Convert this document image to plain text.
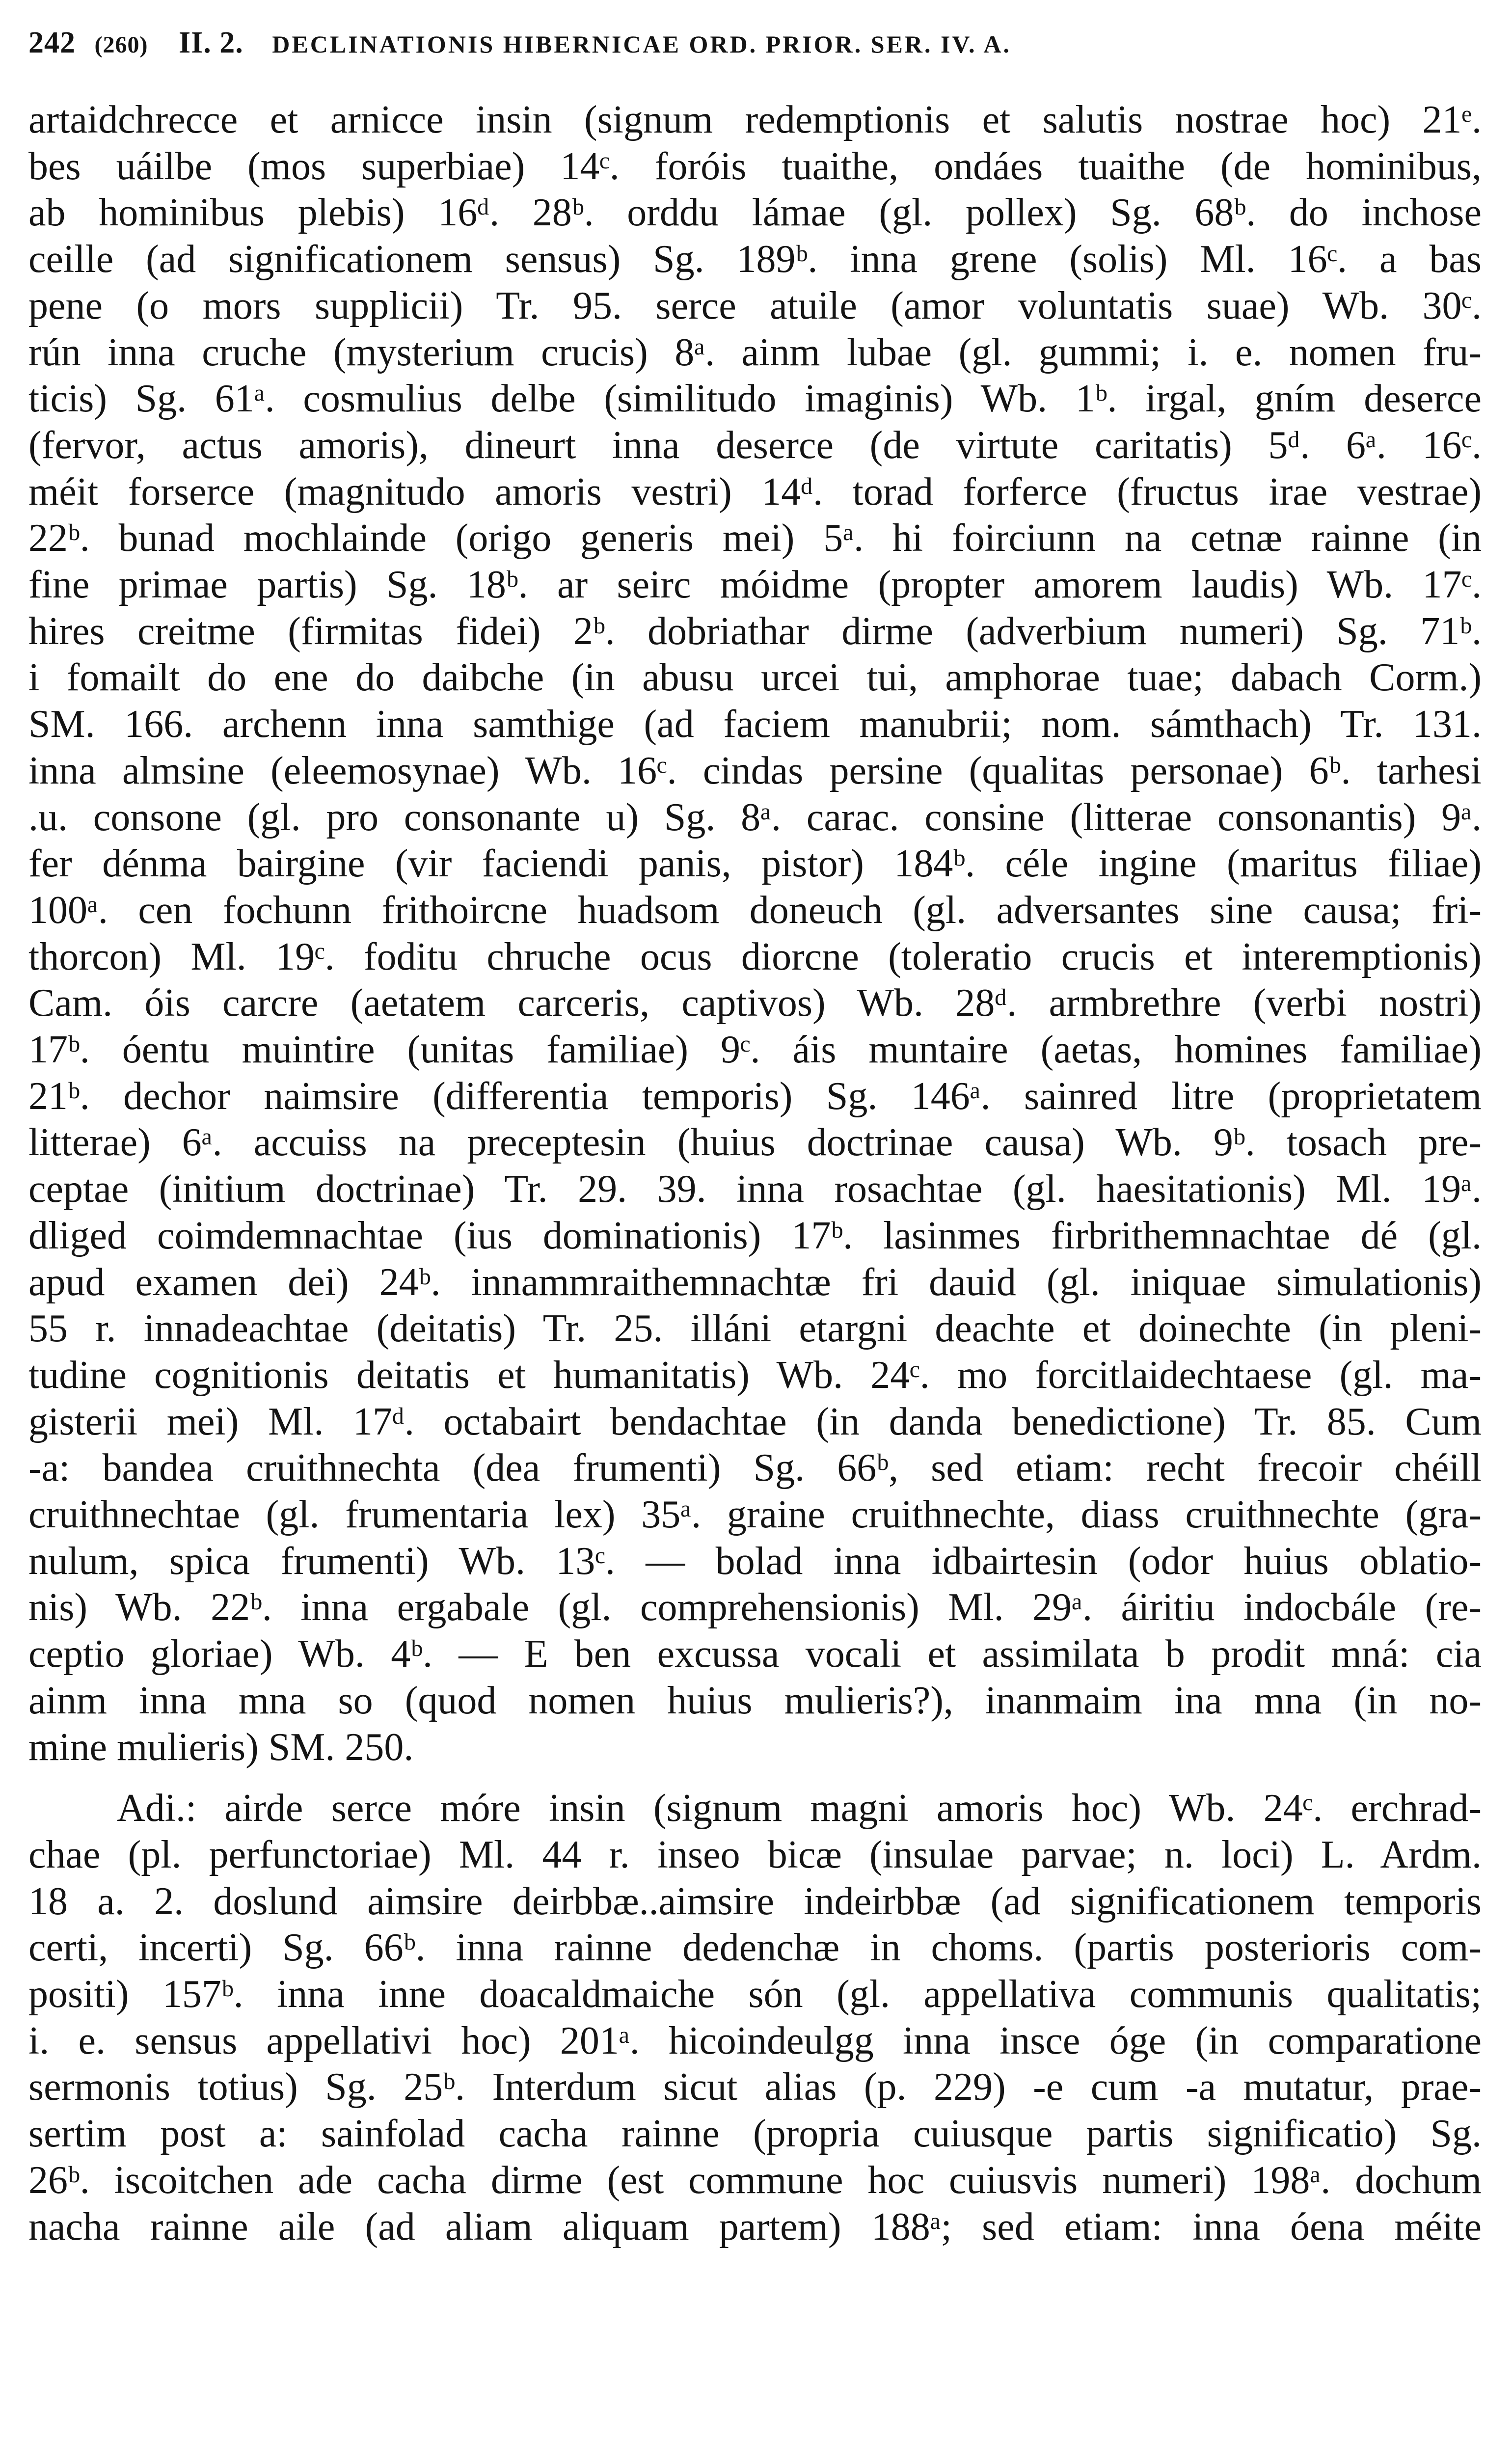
242 (260) II. 2. DECLINATIONIS HIBERNICAE ORD. PRIOR. SER. IV. A.
artaidchrecce et arnicce insin (signum redemptionis et salutis nostrae hoc) 21ᵉ.
bes uáilbe (mos superbiae) 14ᶜ. foróis tuaithe, ondáes tuaithe (de hominibus,
ab hominibus plebis) 16ᵈ. 28ᵇ. orddu lámae (gl. pollex) Sg. 68ᵇ. do inchose
ceille (ad significationem sensus) Sg. 189ᵇ. inna grene (solis) Ml. 16ᶜ. a bas
pene (o mors supplicii) Tr. 95. serce atuile (amor voluntatis suae) Wb. 30ᶜ.
rún inna cruche (mysterium crucis) 8ᵃ. ainm lubae (gl. gummi; i. e. nomen fru-
ticis) Sg. 61ᵃ. cosmulius delbe (similitudo imaginis) Wb. 1ᵇ. irgal, gním deserce
(fervor, actus amoris), dineurt inna deserce (de virtute caritatis) 5ᵈ. 6ᵃ. 16ᶜ.
méit forserce (magnitudo amoris vestri) 14ᵈ. torad forferce (fructus irae vestrae)
22ᵇ. bunad mochlainde (origo generis mei) 5ᵃ. hi foirciunn na cetnæ rainne (in
fine primae partis) Sg. 18ᵇ. ar seirc móidme (propter amorem laudis) Wb. 17ᶜ.
hires creitme (firmitas fidei) 2ᵇ. dobriathar dirme (adverbium numeri) Sg. 71ᵇ.
i fomailt do ene do daibche (in abusu urcei tui, amphorae tuae; dabach Corm.)
SM. 166. archenn inna samthige (ad faciem manubrii; nom. sámthach) Tr. 131.
inna almsine (eleemosynae) Wb. 16ᶜ. cindas persine (qualitas personae) 6ᵇ. tarhesi
.u. consone (gl. pro consonante u) Sg. 8ᵃ. carac. consine (litterae consonantis) 9ᵃ.
fer dénma bairgine (vir faciendi panis, pistor) 184ᵇ. céle ingine (maritus filiae)
100ᵃ. cen fochunn frithoircne huadsom doneuch (gl. adversantes sine causa; fri-
thorcon) Ml. 19ᶜ. foditu chruche ocus diorcne (toleratio crucis et interemptionis)
Cam. óis carcre (aetatem carceris, captivos) Wb. 28ᵈ. armbrethre (verbi nostri)
17ᵇ. óentu muintire (unitas familiae) 9ᶜ. áis muntaire (aetas, homines familiae)
21ᵇ. dechor naimsire (differentia temporis) Sg. 146ᵃ. sainred litre (proprietatem
litterae) 6ᵃ. accuiss na preceptesin (huius doctrinae causa) Wb. 9ᵇ. tosach pre-
ceptae (initium doctrinae) Tr. 29. 39. inna rosachtae (gl. haesitationis) Ml. 19ᵃ.
dliged coimdemnachtae (ius dominationis) 17ᵇ. lasinmes firbrithemnachtae dé (gl.
apud examen dei) 24ᵇ. innammraithemnachtæ fri dauid (gl. iniquae simulationis)
55 r. innadeachtae (deitatis) Tr. 25. illáni etargni deachte et doinechte (in pleni-
tudine cognitionis deitatis et humanitatis) Wb. 24ᶜ. mo forcitlaidechtaese (gl. ma-
gisterii mei) Ml. 17ᵈ. octabairt bendachtae (in danda benedictione) Tr. 85. Cum
-a: bandea cruithnechta (dea frumenti) Sg. 66ᵇ, sed etiam: recht frecoir chéill
cruithnechtae (gl. frumentaria lex) 35ᵃ. graine cruithnechte, diass cruithnechte (gra-
nulum, spica frumenti) Wb. 13ᶜ. — bolad inna idbairtesin (odor huius oblatio-
nis) Wb. 22ᵇ. inna ergabale (gl. comprehensionis) Ml. 29ᵃ. áiritiu indocbále (re-
ceptio gloriae) Wb. 4ᵇ. — E ben excussa vocali et assimilata b prodit mná: cia
ainm inna mna so (quod nomen huius mulieris?), inanmaim ina mna (in no-
mine mulieris) SM. 250.
Adi.: airde serce móre insin (signum magni amoris hoc) Wb. 24ᶜ. erchrad-
chae (pl. perfunctoriae) Ml. 44 r. inseo bicæ (insulae parvae; n. loci) L. Ardm.
18 a. 2. doslund aimsire deirbbæ..aimsire indeirbbæ (ad significationem temporis
certi, incerti) Sg. 66ᵇ. inna rainne dedenchæ in choms. (partis posterioris com-
positi) 157ᵇ. inna inne doacaldmaiche són (gl. appellativa communis qualitatis;
i. e. sensus appellativi hoc) 201ᵃ. hicoindeulgg inna insce óge (in comparatione
sermonis totius) Sg. 25ᵇ. Interdum sicut alias (p. 229) -e cum -a mutatur, prae-
sertim post a: sainfolad cacha rainne (propria cuiusque partis significatio) Sg.
26ᵇ. iscoitchen ade cacha dirme (est commune hoc cuiusvis numeri) 198ᵃ. dochum
nacha rainne aile (ad aliam aliquam partem) 188ᵃ; sed etiam: inna óena méite
